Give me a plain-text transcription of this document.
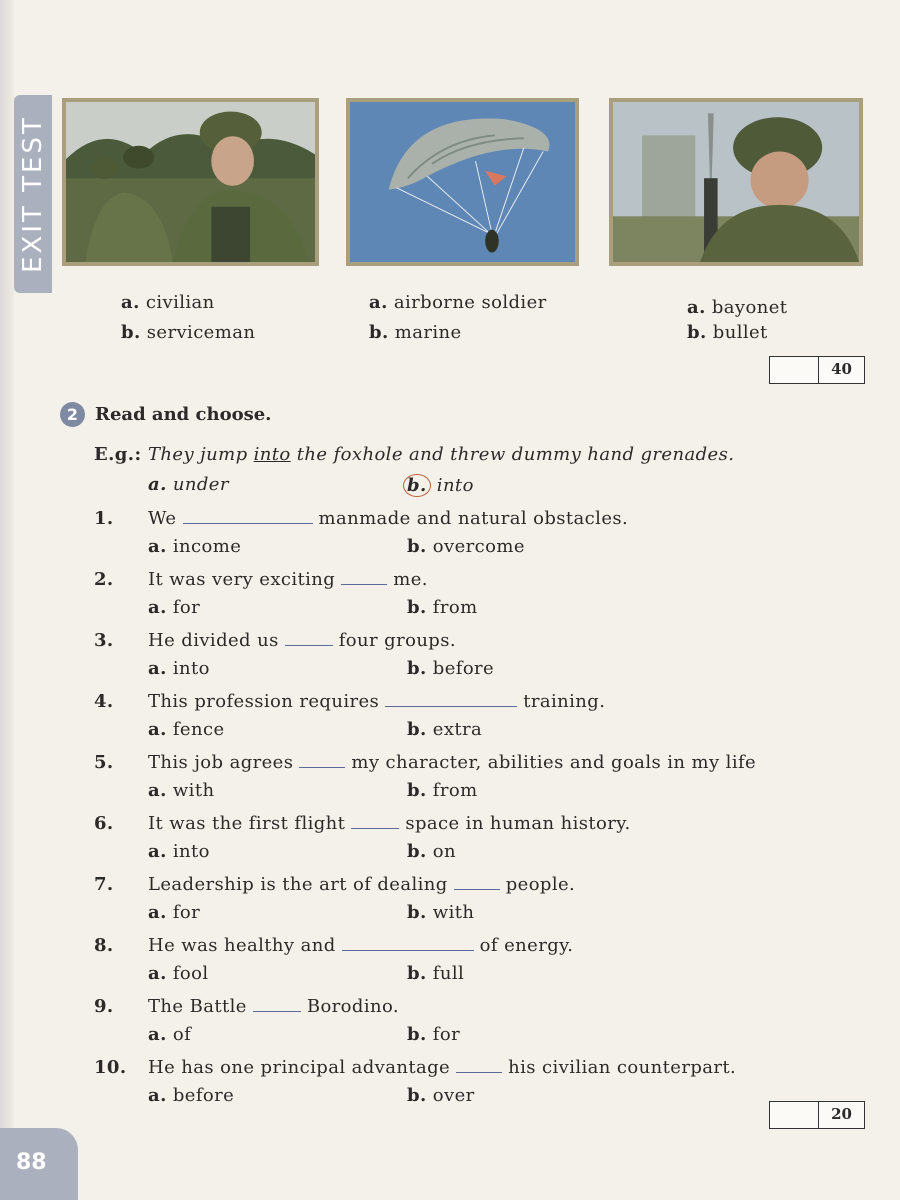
EXIT TEST
a. civilian
b. serviceman
a. airborne soldier
b. marine
a. bayonet
b. bullet
40
2 Read and choose.
E.g.: They jump into the foxhole and threw dummy hand grenades.
a. under	b. into
1. We	manmade and natural obstacles.
a. income	b. overcome
2. It was very exciting	me.
a. for	b. from
3. He divided us	four groups.
a. into	b. before
4. This profession requires	training.
a. fence	b. extra
5. This job agrees	my character, abilities and goals in my life
a. with	b. from
6. It was the first flight	space in human history.
a. into	b. on
7. Leadership is the art of dealing	people.
a. for	b. with
8. He was healthy and	of energy.
a. fool	b. full
9. The Battle	Borodino.
a. of	b. for
10. He has one principal advantage	his civilian counterpart.
a. before	b. over
20
88
